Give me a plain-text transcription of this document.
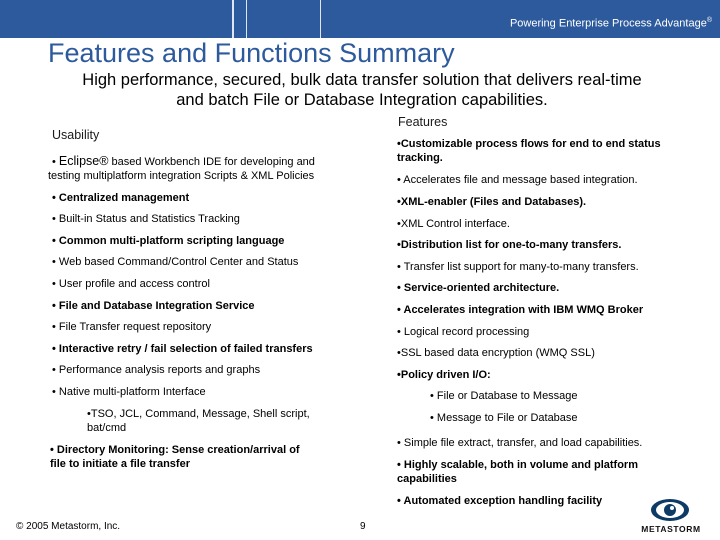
Powering Enterprise Process Advantage®
Features and Functions Summary
High performance, secured, bulk data transfer solution that delivers real-time
and batch File or Database Integration capabilities.
Usability
• Eclipse® based Workbench IDE for developing and
testing multiplatform integration Scripts & XML Policies
• Centralized management
• Built-in Status and Statistics Tracking
• Common multi-platform scripting language
• Web based Command/Control Center and Status
• User profile and access control
• File and Database Integration Service
• File Transfer request repository
• Interactive retry / fail selection of failed transfers
• Performance analysis reports and graphs
• Native multi-platform Interface
•TSO, JCL, Command, Message, Shell script,
bat/cmd
• Directory Monitoring: Sense creation/arrival of
file to initiate a file transfer
Features
•Customizable process flows for end to end status
tracking.
• Accelerates file and message based integration.
•XML-enabler (Files and Databases).
•XML Control interface.
•Distribution list for one-to-many transfers.
• Transfer list support for many-to-many transfers.
• Service-oriented architecture.
• Accelerates integration with IBM WMQ Broker
• Logical record processing
•SSL based data encryption (WMQ SSL)
•Policy driven I/O:
• File or Database to Message
• Message to File or Database
• Simple file extract, transfer, and load capabilities.
• Highly scalable, both in volume and platform
capabilities
• Automated exception handling facility
© 2005 Metastorm, Inc.	9	METASTORM
